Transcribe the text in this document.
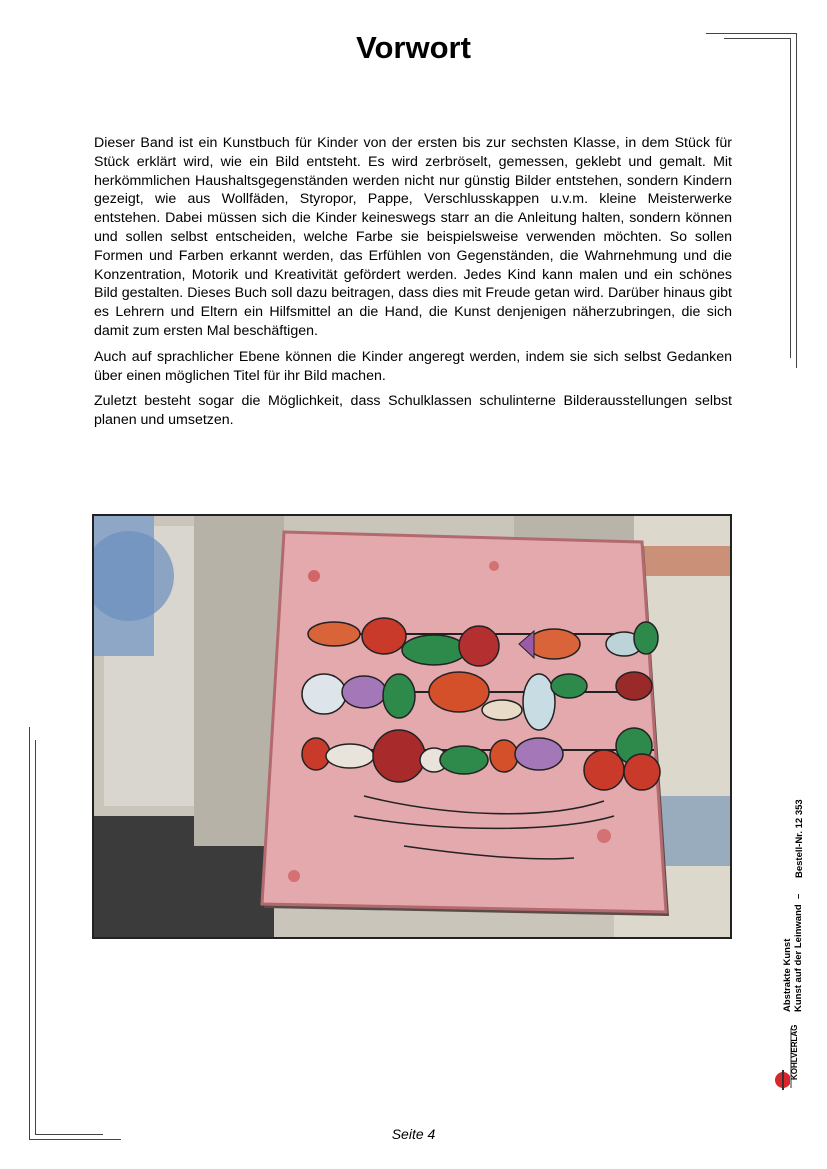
Vorwort

Dieser Band ist ein Kunstbuch für Kinder von der ersten bis zur sechsten Klasse, in dem Stück für Stück erklärt wird, wie ein Bild entsteht. Es wird zerbröselt, gemessen, geklebt und gemalt. Mit herkömmlichen Haushaltsgegenständen werden nicht nur günstig Bilder entstehen, sondern Kindern gezeigt, wie aus Wollfäden, Styropor, Pappe, Verschlusskappen u.v.m. kleine Meisterwerke entstehen. Dabei müssen sich die Kinder keineswegs starr an die Anleitung halten, sondern können und sollen selbst entscheiden, welche Farbe sie beispielsweise verwenden möchten. So sollen Formen und Farben erkannt werden, das Erfühlen von Gegenständen, die Wahrnehmung und die Konzentration, Motorik und Kreativität gefördert werden. Jedes Kind kann malen und ein schönes Bild gestalten. Dieses Buch soll dazu beitragen, dass dies mit Freude getan wird. Darüber hinaus gibt es Lehrern und Eltern ein Hilfsmittel an die Hand, die Kunst denjenigen näherzubringen, die sich damit zum ersten Mal beschäftigen.

Auch auf sprachlicher Ebene können die Kinder angeregt werden, indem sie sich selbst Gedanken über einen möglichen Titel für ihr Bild machen.

Zuletzt besteht sogar die Möglichkeit, dass Schulklassen schulinterne Bilderausstellungen selbst planen und umsetzen.

Bestell-Nr. 12 353
Abstrakte Kunst Kunst auf der Leinwand  –
KOHLVERLAG
Seite 4
